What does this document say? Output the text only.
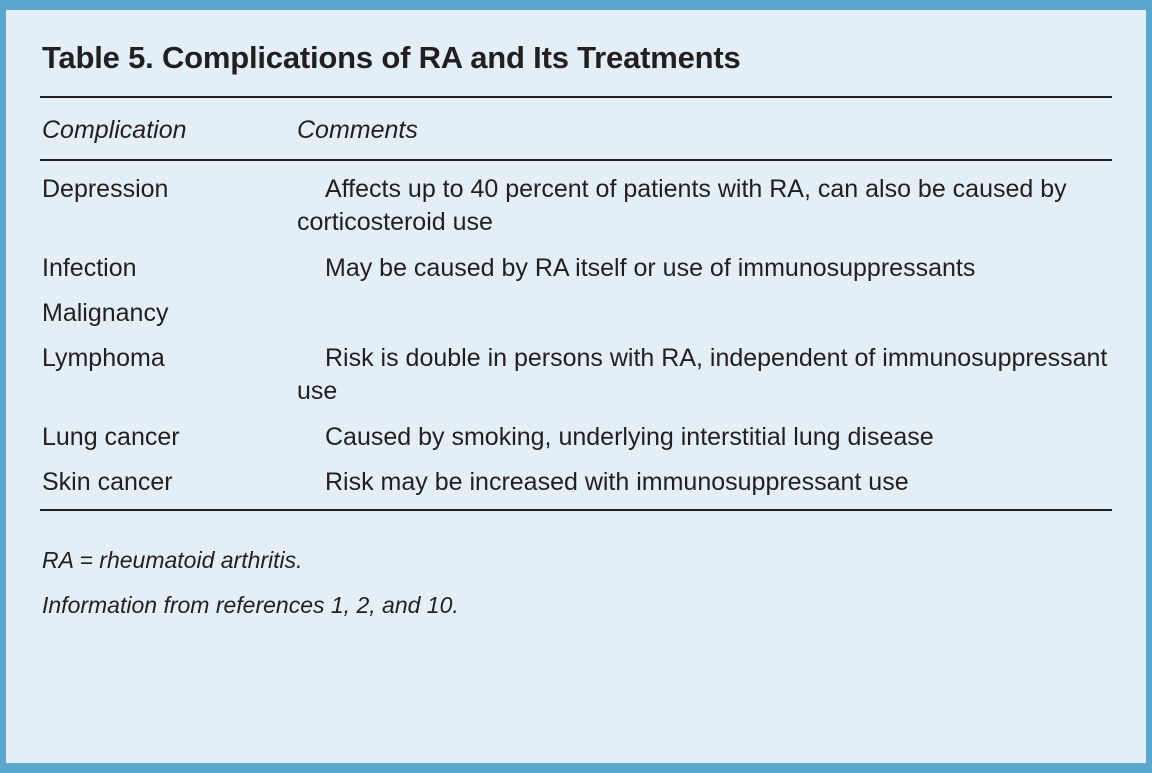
Table 5. Complications of RA and Its Treatments
Complication	Comments
Depression	Affects up to 40 percent of patients with RA, can also be caused by corticosteroid use
Infection	May be caused by RA itself or use of immunosuppressants
Malignancy	
Lymphoma	Risk is double in persons with RA, independent of immunosuppressant use
Lung cancer	Caused by smoking, underlying interstitial lung disease
Skin cancer	Risk may be increased with immunosuppressant use

RA = rheumatoid arthritis.

Information from references 1, 2, and 10.
